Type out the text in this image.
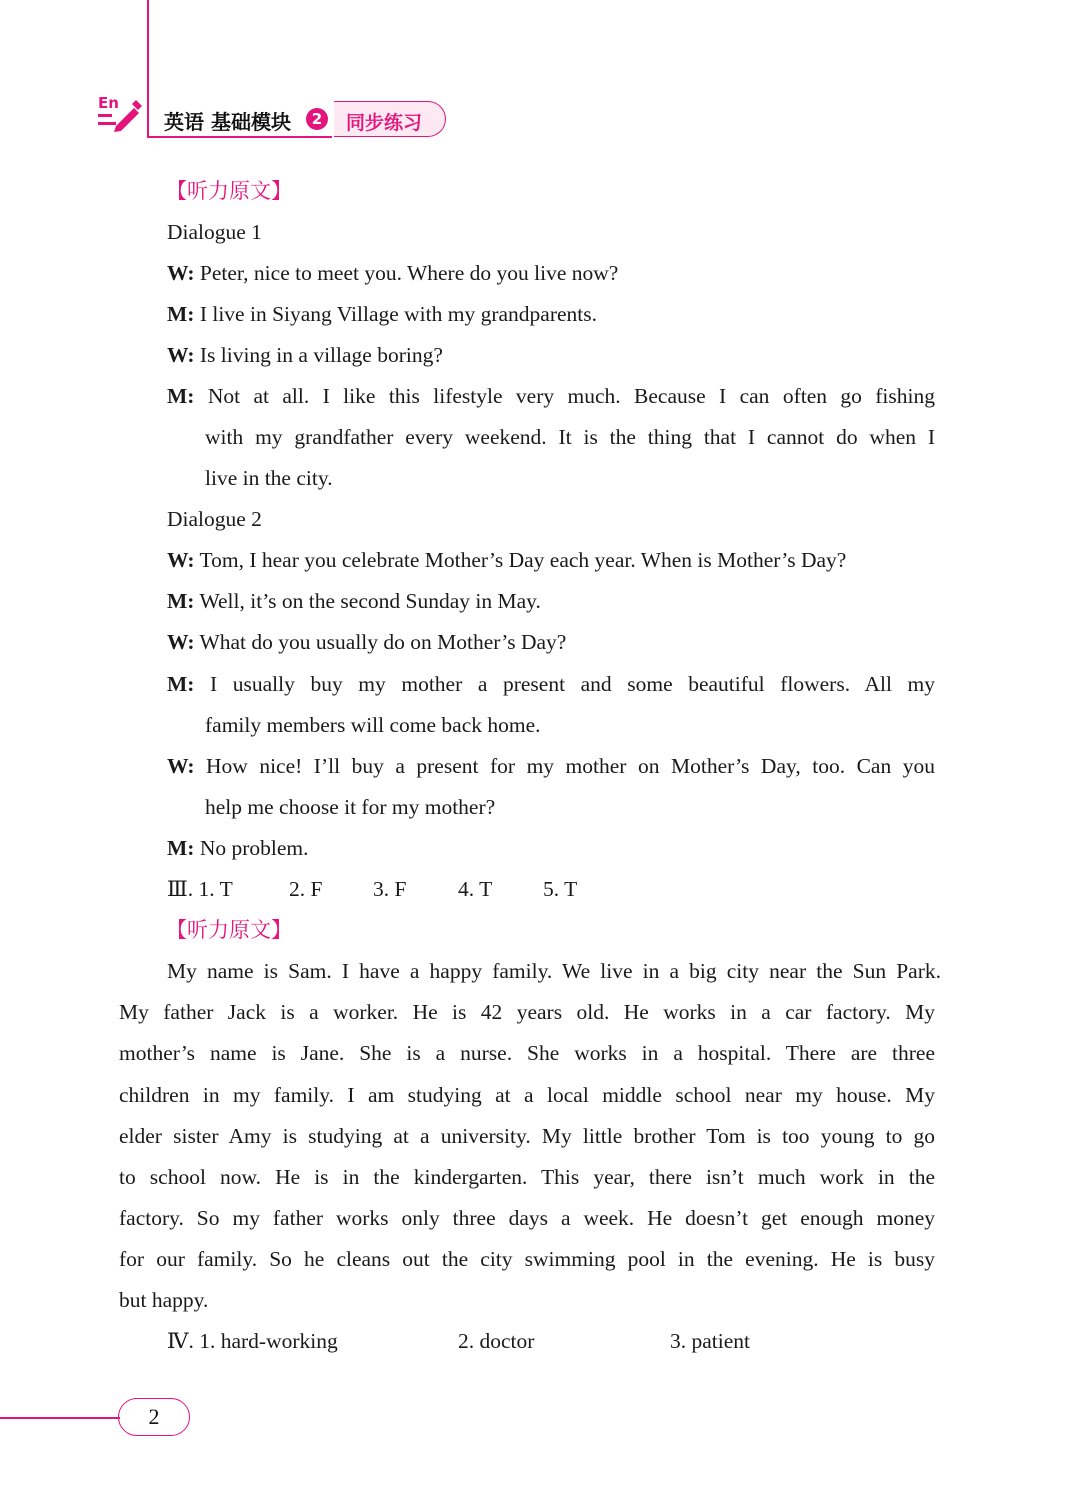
En
英语 基础模块	2	同步练习
【听力原文】
Dialogue 1
W: Peter, nice to meet you. Where do you live now?
M: I live in Siyang Village with my grandparents.
W: Is living in a village boring?
M: Not at all. I like this lifestyle very much. Because I can often go fishing
with my grandfather every weekend. It is the thing that I cannot do when I
live in the city.
Dialogue 2
W: Tom, I hear you celebrate Mother’s Day each year. When is Mother’s Day?
M: Well, it’s on the second Sunday in May.
W: What do you usually do on Mother’s Day?
M: I usually buy my mother a present and some beautiful flowers. All my
family members will come back home.
W: How nice! I’ll buy a present for my mother on Mother’s Day, too. Can you
help me choose it for my mother?
M: No problem.
Ⅲ. 1. T	2. F 3. F 4. T 5. T
【听力原文】
My name is Sam. I have a happy family. We live in a big city near the Sun Park.
My father Jack is a worker. He is 42 years old. He works in a car factory. My
mother’s name is Jane. She is a nurse. She works in a hospital. There are three
children in my family. I am studying at a local middle school near my house. My
elder sister Amy is studying at a university. My little brother Tom is too young to go
to school now. He is in the kindergarten. This year, there isn’t much work in the
factory. So my father works only three days a week. He doesn’t get enough money
for our family. So he cleans out the city swimming pool in the evening. He is busy
but happy.
Ⅳ. 1. hard-working	2. doctor	3. patient
2
